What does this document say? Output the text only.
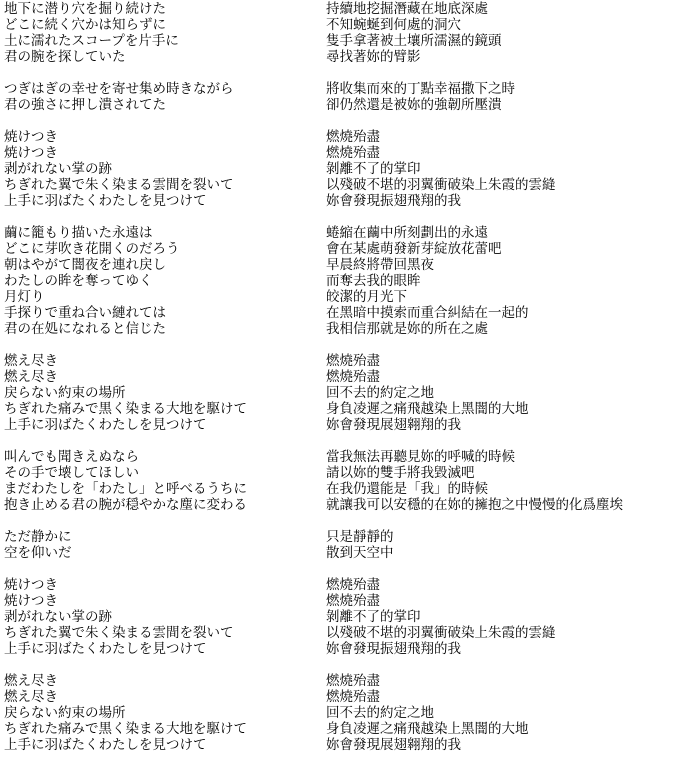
地下に潜り穴を掘り続けた	持續地挖掘潛藏在地底深處
どこに続く穴かは知らずに	不知蜿蜒到何處的洞穴
土に濡れたスコープを片手に	隻手拿著被土壤所濡濕的鏡頭
君の腕を探していた	尋找著妳的臂影
つぎはぎの幸せを寄せ集め時きながら	將收集而來的丁點幸福撒下之時
君の強さに押し潰されてた	卻仍然還是被妳的強韌所壓潰
焼けつき	燃燒殆盡
焼けつき	燃燒殆盡
剥がれない掌の跡	剝離不了的掌印
ちぎれた翼で朱く染まる雲間を裂いて	以殘破不堪的羽翼衝破染上朱霞的雲縫
上手に羽ばたくわたしを見つけて	妳會發現振翅飛翔的我
繭に籠もり描いた永遠は	蜷縮在繭中所刻劃出的永遠
どこに芽吹き花開くのだろう	會在某處萌發新芽綻放花蕾吧
朝はやがて闇夜を連れ戻し	早晨終將帶回黑夜
わたしの眸を奪ってゆく	而奪去我的眼眸
月灯り	皎潔的月光下
手探りで重ね合い縺れては	在黑暗中摸索而重合糾結在一起的
君の在処になれると信じた	我相信那就是妳的所在之處
燃え尽き	燃燒殆盡
燃え尽き	燃燒殆盡
戻らない約束の場所	回不去的約定之地
ちぎれた痛みで黒く染まる大地を駆けて	身負凌遲之痛飛越染上黑闇的大地
上手に羽ばたくわたしを見つけて	妳會發現展翅翱翔的我
叫んでも聞きえぬなら	當我無法再聽見妳的呼喊的時候
その手で壊してほしい	請以妳的雙手將我毀滅吧
まだわたしを「わたし」と呼べるうちに	在我仍還能是「我」的時候
抱き止める君の腕が穏やかな塵に変わる	就讓我可以安穩的在妳的擁抱之中慢慢的化爲塵埃
ただ静かに	只是靜靜的
空を仰いだ	散到天空中
焼けつき	燃燒殆盡
焼けつき	燃燒殆盡
剥がれない掌の跡	剝離不了的掌印
ちぎれた翼で朱く染まる雲間を裂いて	以殘破不堪的羽翼衝破染上朱霞的雲縫
上手に羽ばたくわたしを見つけて	妳會發現振翅飛翔的我
燃え尽き	燃燒殆盡
燃え尽き	燃燒殆盡
戻らない約束の場所	回不去的約定之地
ちぎれた痛みで黒く染まる大地を駆けて	身負凌遲之痛飛越染上黑闇的大地
上手に羽ばたくわたしを見つけて	妳會發現展翅翱翔的我
